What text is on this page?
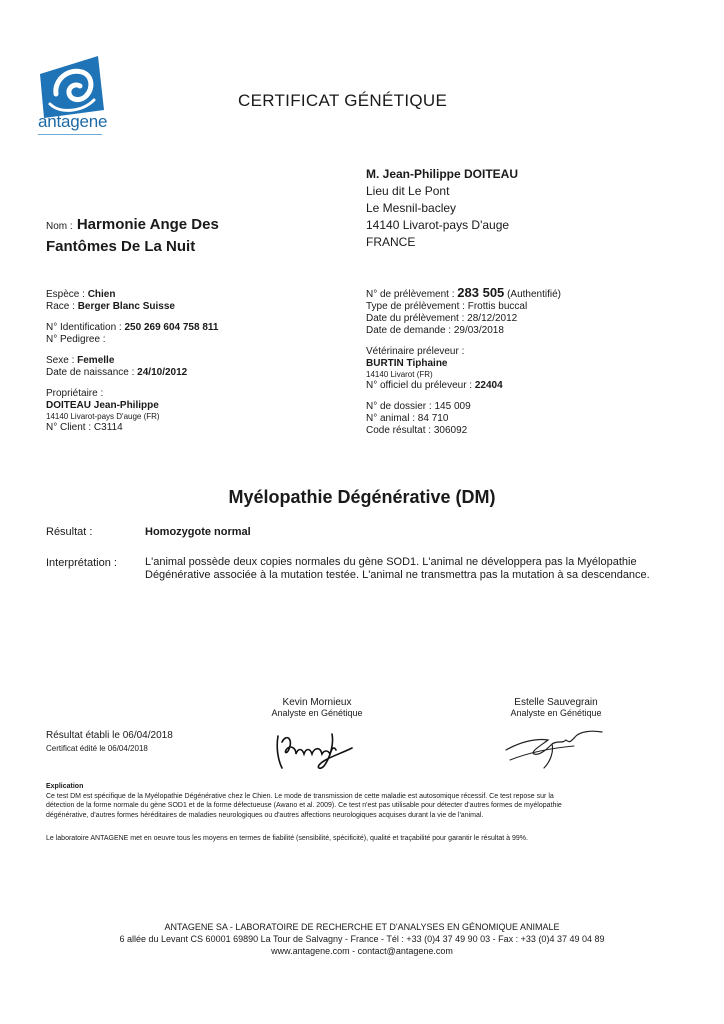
antagene
CERTIFICAT GÉNÉTIQUE
M. Jean-Philippe DOITEAU
Lieu dit Le Pont
Le Mesnil-bacley
14140 Livarot-pays D'auge
FRANCE
Nom : Harmonie Ange Des
Fantômes De La Nuit
Espèce : Chien
Race : Berger Blanc Suisse
N° Identification : 250 269 604 758 811
N° Pedigree :
Sexe : Femelle
Date de naissance : 24/10/2012
Propriétaire :
DOITEAU Jean-Philippe
14140 Livarot-pays D'auge (FR)
N° Client : C3114
N° de prélèvement : 283 505 (Authentifié)
Type de prélèvement : Frottis buccal
Date du prélèvement : 28/12/2012
Date de demande : 29/03/2018
Vétérinaire préleveur :
BURTIN Tiphaine
14140 Livarot (FR)
N° officiel du préleveur : 22404
N° de dossier : 145 009
N° animal : 84 710
Code résultat : 306092
Myélopathie Dégénérative (DM)
Résultat :	Homozygote normal
Interprétation :	L'animal possède deux copies normales du gène SOD1. L'animal ne développera pas la Myélopathie
Dégénérative associée à la mutation testée. L'animal ne transmettra pas la mutation à sa descendance.
Kevin Mornieux
Analyste en Génétique
Estelle Sauvegrain
Analyste en Génétique
Résultat établi le 06/04/2018
Certificat édité le 06/04/2018
Explication
Ce test DM est spécifique de la Myélopathie Dégénérative chez le Chien. Le mode de transmission de cette maladie est autosomique récessif. Ce test repose sur la
détection de la forme normale du gène SOD1 et de la forme défectueuse (Awano et al. 2009). Ce test n'est pas utilisable pour détecter d'autres formes de myélopathie
dégénérative, d'autres formes héréditaires de maladies neurologiques ou d'autres affections neurologiques acquises durant la vie de l'animal.
Le laboratoire ANTAGENE met en oeuvre tous les moyens en termes de fiabilité (sensibilité, spécificité), qualité et traçabilité pour garantir le résultat à 99%.
ANTAGENE SA - LABORATOIRE DE RECHERCHE ET D'ANALYSES EN GÉNOMIQUE ANIMALE
6 allée du Levant CS 60001 69890 La Tour de Salvagny - France - Tél : +33 (0)4 37 49 90 03 - Fax : +33 (0)4 37 49 04 89
www.antagene.com - contact@antagene.com
